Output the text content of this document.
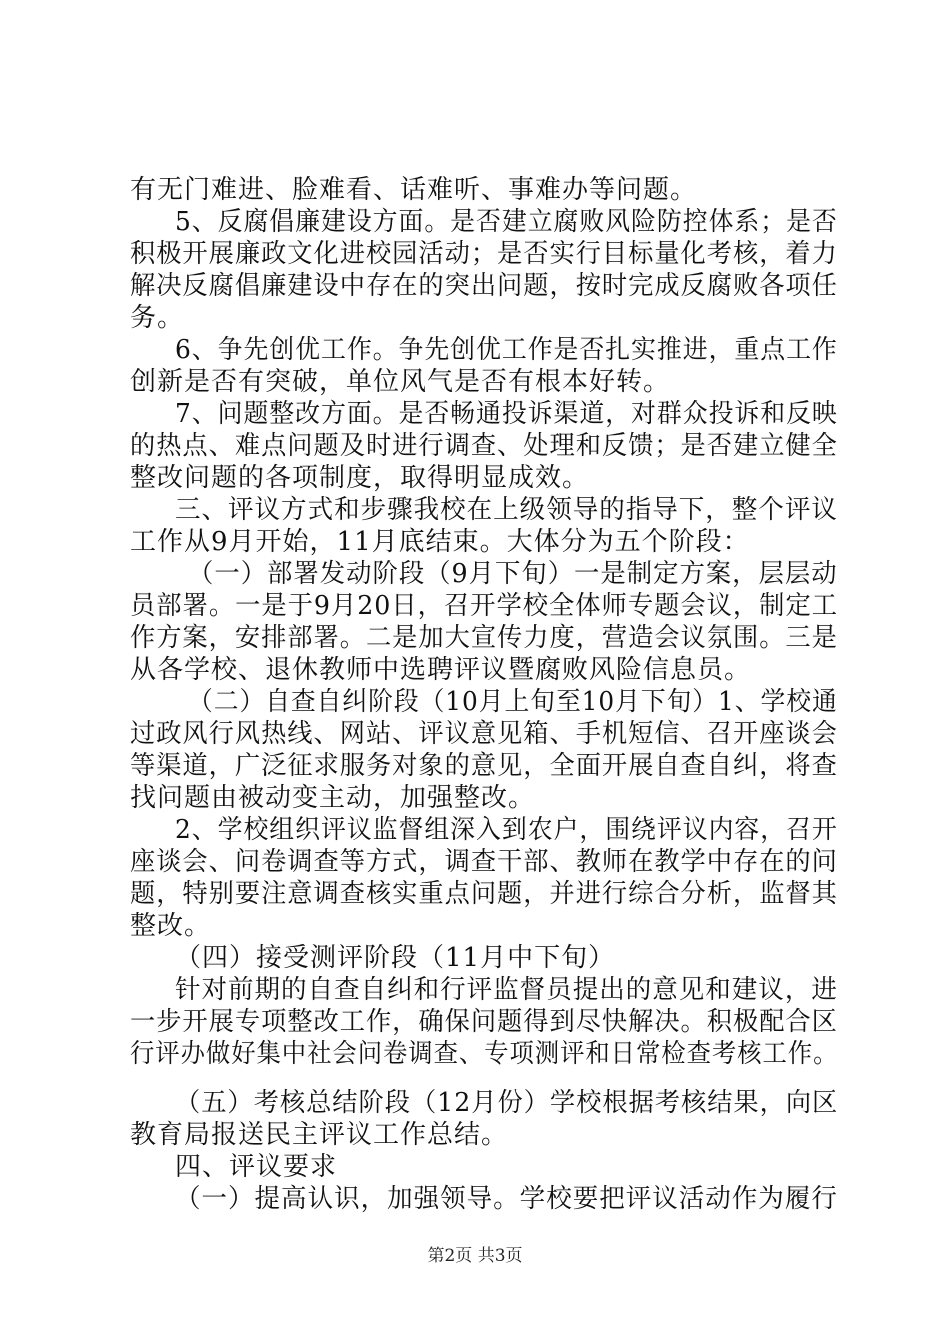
有无门难进、脸难看、话难听、事难办等问题。
5、反腐倡廉建设方面。是否建立腐败风险防控体系；是否
积极开展廉政文化进校园活动；是否实行目标量化考核，着力
解决反腐倡廉建设中存在的突出问题，按时完成反腐败各项任
务。
6、争先创优工作。争先创优工作是否扎实推进，重点工作
创新是否有突破，单位风气是否有根本好转。
7、问题整改方面。是否畅通投诉渠道，对群众投诉和反映
的热点、难点问题及时进行调查、处理和反馈；是否建立健全
整改问题的各项制度，取得明显成效。
三、评议方式和步骤我校在上级领导的指导下，整个评议
工作从9月开始，11月底结束。大体分为五个阶段：
（一）部署发动阶段（9月下旬）一是制定方案，层层动
员部署。一是于9月20日，召开学校全体师专题会议，制定工
作方案，安排部署。二是加大宣传力度，营造会议氛围。三是
从各学校、退休教师中选聘评议暨腐败风险信息员。
（二）自查自纠阶段（10月上旬至10月下旬）1、学校通
过政风行风热线、网站、评议意见箱、手机短信、召开座谈会
等渠道，广泛征求服务对象的意见，全面开展自查自纠，将查
找问题由被动变主动，加强整改。
2、学校组织评议监督组深入到农户，围绕评议内容，召开
座谈会、问卷调查等方式，调查干部、教师在教学中存在的问
题，特别要注意调查核实重点问题，并进行综合分析，监督其
整改。
（四）接受测评阶段（11月中下旬）
针对前期的自查自纠和行评监督员提出的意见和建议，进
一步开展专项整改工作，确保问题得到尽快解决。积极配合区
行评办做好集中社会问卷调查、专项测评和日常检查考核工作。
（五）考核总结阶段（12月份）学校根据考核结果，向区
教育局报送民主评议工作总结。
四、评议要求
（一）提高认识，加强领导。学校要把评议活动作为履行
第2页 共3页
